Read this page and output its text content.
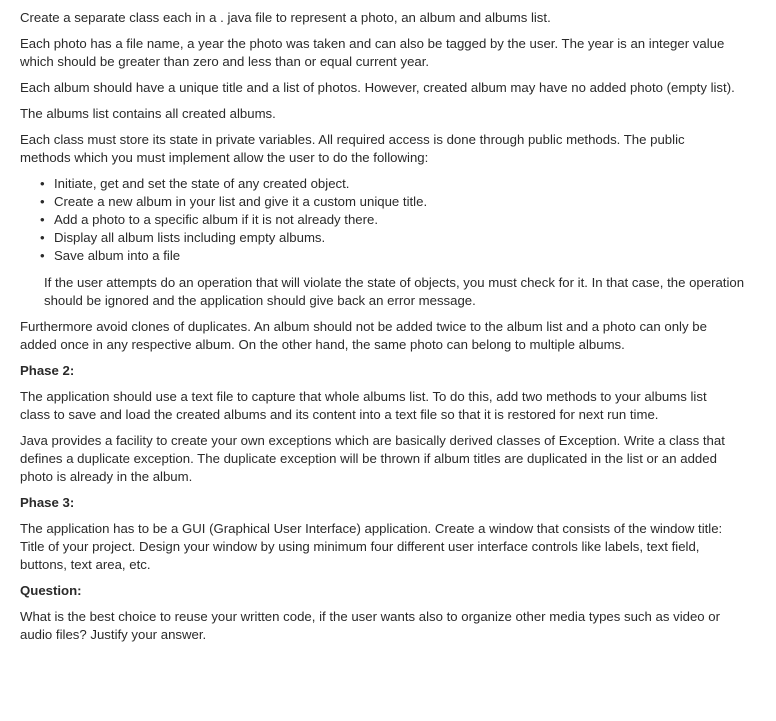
Create a separate class each in a . java file to represent a photo, an album and albums list.

Each photo has a file name, a year the photo was taken and can also be tagged by the user. The year is an integer value which should be greater than zero and less than or equal current year.

Each album should have a unique title and a list of photos. However, created album may have no added photo (empty list).

The albums list contains all created albums.

Each class must store its state in private variables. All required access is done through public methods. The public methods which you must implement allow the user to do the following:

• Initiate, get and set the state of any created object.
• Create a new album in your list and give it a custom unique title.
• Add a photo to a specific album if it is not already there.
• Display all album lists including empty albums.
• Save album into a file

If the user attempts do an operation that will violate the state of objects, you must check for it. In that case, the operation should be ignored and the application should give back an error message.

Furthermore avoid clones of duplicates. An album should not be added twice to the album list and a photo can only be added once in any respective album. On the other hand, the same photo can belong to multiple albums.

Phase 2:

The application should use a text file to capture that whole albums list. To do this, add two methods to your albums list class to save and load the created albums and its content into a text file so that it is restored for next run time.

Java provides a facility to create your own exceptions which are basically derived classes of Exception. Write a class that defines a duplicate exception. The duplicate exception will be thrown if album titles are duplicated in the list or an added photo is already in the album.

Phase 3:

The application has to be a GUI (Graphical User Interface) application. Create a window that consists of the window title: Title of your project. Design your window by using minimum four different user interface controls like labels, text field, buttons, text area, etc.

Question:

What is the best choice to reuse your written code, if the user wants also to organize other media types such as video or audio files? Justify your answer.
